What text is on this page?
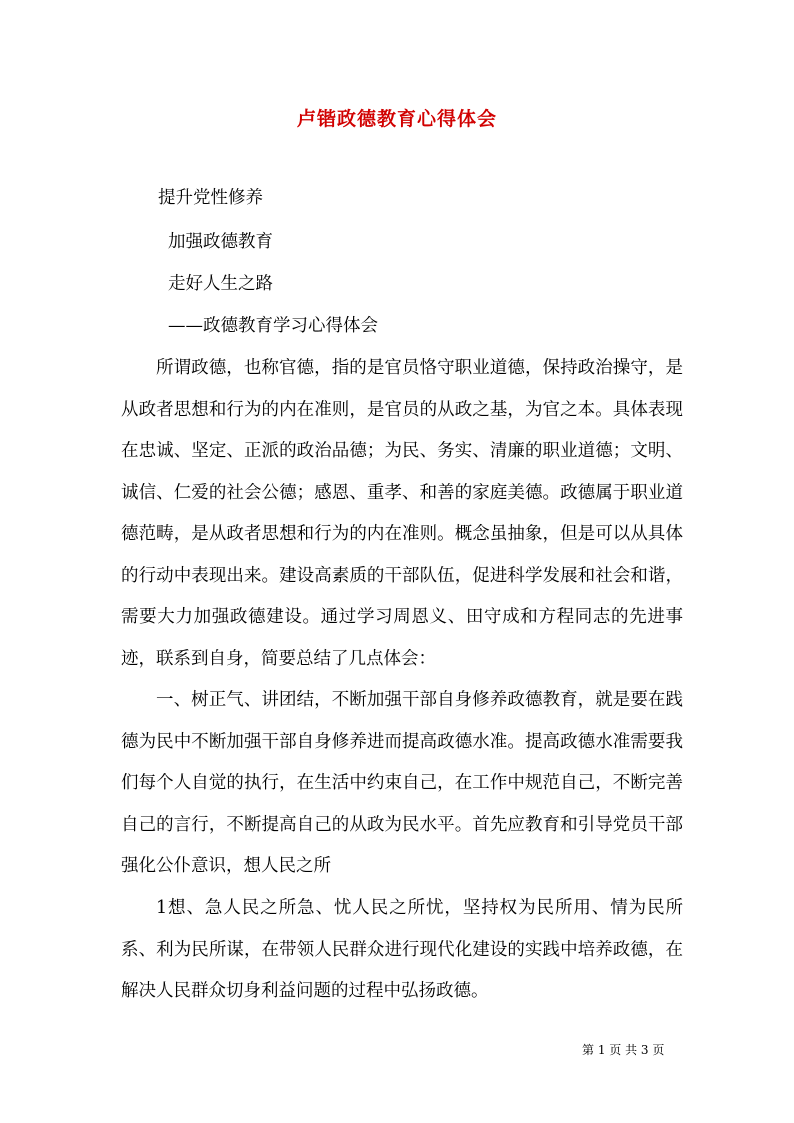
卢锴政德教育心得体会
提升党性修养
加强政德教育
走好人生之路
——政德教育学习心得体会
所谓政德，也称官德，指的是官员恪守职业道德，保持政治操守，是从政者思想和行为的内在准则，是官员的从政之基，为官之本。具体表现在忠诚、坚定、正派的政治品德；为民、务实、清廉的职业道德；文明、诚信、仁爱的社会公德；感恩、重孝、和善的家庭美德。政德属于职业道德范畴，是从政者思想和行为的内在准则。概念虽抽象，但是可以从具体的行动中表现出来。建设高素质的干部队伍，促进科学发展和社会和谐，需要大力加强政德建设。通过学习周恩义、田守成和方程同志的先进事迹，联系到自身，简要总结了几点体会：
一、树正气、讲团结，不断加强干部自身修养政德教育，就是要在践德为民中不断加强干部自身修养进而提高政德水准。提高政德水准需要我们每个人自觉的执行，在生活中约束自己，在工作中规范自己，不断完善自己的言行，不断提高自己的从政为民水平。首先应教育和引导党员干部强化公仆意识，想人民之所
1想、急人民之所急、忧人民之所忧，坚持权为民所用、情为民所系、利为民所谋，在带领人民群众进行现代化建设的实践中培养政德，在解决人民群众切身利益问题的过程中弘扬政德。
第 1 页 共 3 页
